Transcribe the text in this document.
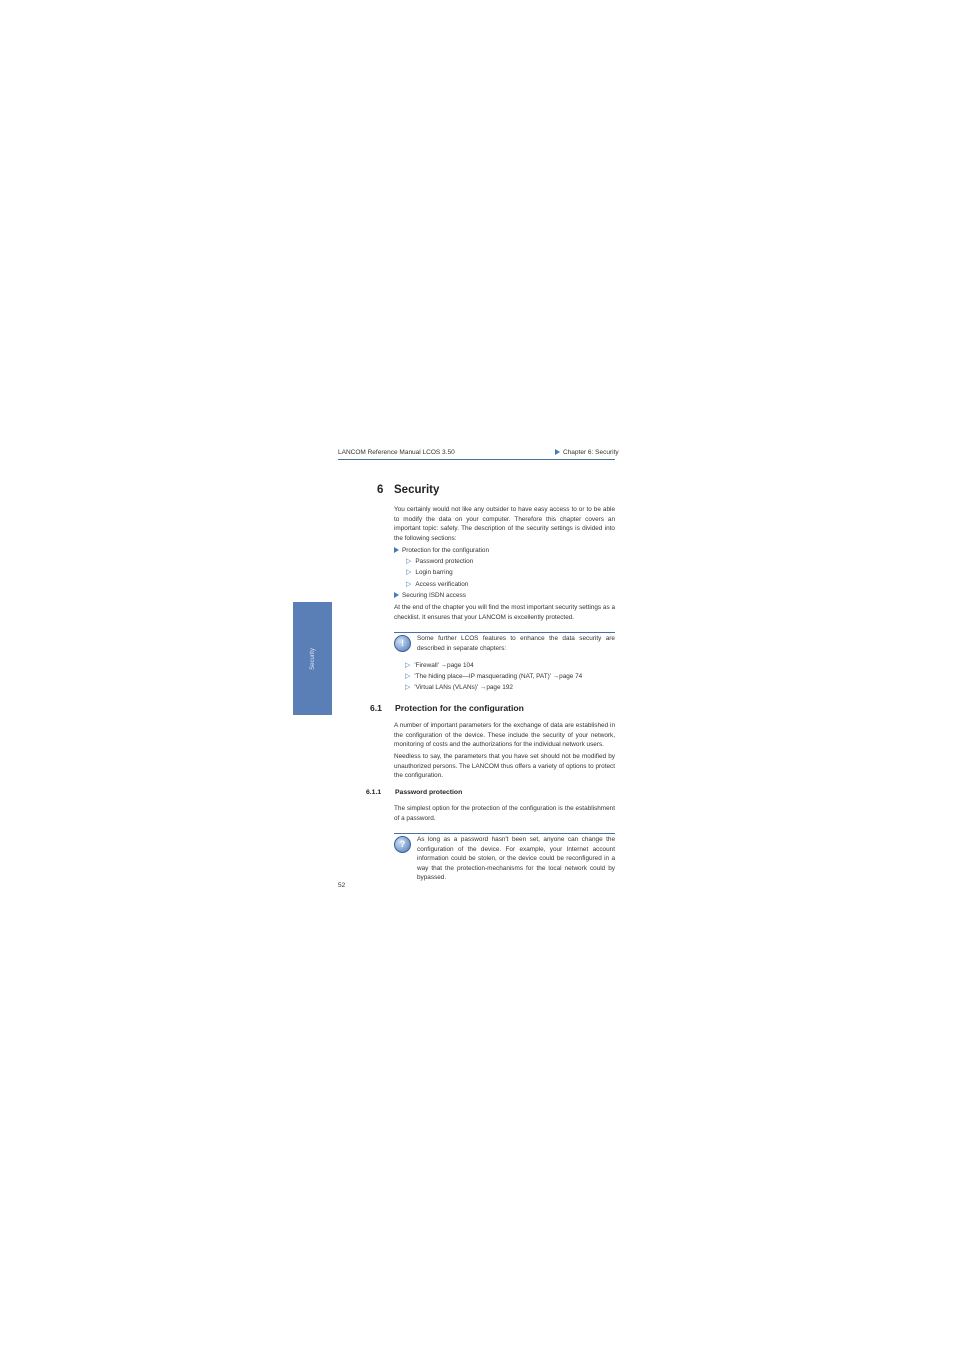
LANCOM Reference Manual LCOS 3.50	Chapter 6: Security
Security
6 Security
You certainly would not like any outsider to have easy access to or to be able to modify the data on your computer. Therefore this chapter covers an important topic: safety. The description of the security settings is divided into the following sections:
Protection for the configuration
▷ Password protection
▷ Login barring
▷ Access verification
Securing ISDN access
At the end of the chapter you will find the most important security settings as a checklist. It ensures that your LANCOM is excellently protected.
!	Some further LCOS features to enhance the data security are described in separate chapters:
▷ 'Firewall' →page 104
▷ 'The hiding place—IP masquerading (NAT, PAT)' →page 74
▷ 'Virtual LANs (VLANs)' →page 192
6.1 Protection for the configuration
A number of important parameters for the exchange of data are established in the configuration of the device. These include the security of your network, monitoring of costs and the authorizations for the individual network users.
Needless to say, the parameters that you have set should not be modified by unauthorized persons. The LANCOM thus offers a variety of options to protect the configuration.
6.1.1 Password protection
The simplest option for the protection of the configuration is the establishment of a password.
?	As long as a password hasn't been set, anyone can change the configuration of the device. For example, your Internet account information could be stolen, or the device could be reconfigured in a way that the protection-mechanisms for the local network could by bypassed.
52
